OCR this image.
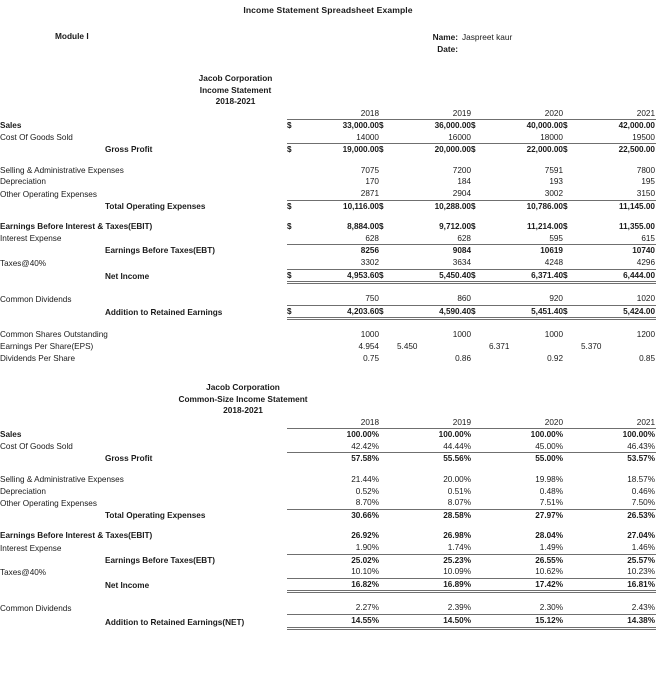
Income Statement Spreadsheet Example
Module I	Name: Jaspreet kaur
Date:
Jacob Corporation
Income Statement
2018-2021
		2018		2019		2020		2021	
Sales	$	33,000.00	$	36,000.00	$	40,000.00	$	42,000.00	
Cost Of Goods Sold		14000		16000		18000		19500	
Gross Profit	$	19,000.00	$	20,000.00	$	22,000.00	$	22,500.00	

Selling & Administrative Expenses		7075		7200		7591		7800	
Depreciation		170		184		193		195	
Other Operating Expenses		2871		2904		3002		3150	
Total Operating Expenses	$	10,116.00	$	10,288.00	$	10,786.00	$	11,145.00	

Earnings Before Interest & Taxes(EBIT)	$	8,884.00	$	9,712.00	$	11,214.00	$	11,355.00	
Interest Expense		628		628		595		615	
Earnings Before Taxes(EBT)		8256		9084		10619		10740	
Taxes@40%		3302		3634		4248		4296	
Net Income	$	4,953.60	$	5,450.40	$	6,371.40	$	6,444.00	

Common Dividends		750		860		920		1020	
Addition to Retained Earnings	$	4,203.60	$	4,590.40	$	5,451.40	$	5,424.00	

Common Shares Outstanding		1000		1000		1000		1200	
Earnings Per Share(EPS)		4.954		5.450		6.371		5.370	
Dividends Per Share		0.75		0.86		0.92		0.85	
Jacob Corporation
Common-Size Income Statement
2018-2021
		2018		2019		2020		2021	
Sales		100.00%		100.00%		100.00%		100.00%	
Cost Of Goods Sold		42.42%		44.44%		45.00%		46.43%	
Gross Profit		57.58%		55.56%		55.00%		53.57%	

Selling & Administrative Expenses		21.44%		20.00%		19.98%		18.57%	
Depreciation		0.52%		0.51%		0.48%		0.46%	
Other Operating Expenses		8.70%		8.07%		7.51%		7.50%	
Total Operating Expenses		30.66%		28.58%		27.97%		26.53%	

Earnings Before Interest & Taxes(EBIT)		26.92%		26.98%		28.04%		27.04%	
Interest Expense		1.90%		1.74%		1.49%		1.46%	
Earnings Before Taxes(EBT)		25.02%		25.23%		26.55%		25.57%	
Taxes@40%		10.10%		10.09%		10.62%		10.23%	
Net Income		16.82%		16.89%		17.42%		16.81%	

Common Dividends		2.27%		2.39%		2.30%		2.43%	
Addition to Retained Earnings(NET)		14.55%		14.50%		15.12%		14.38%	
